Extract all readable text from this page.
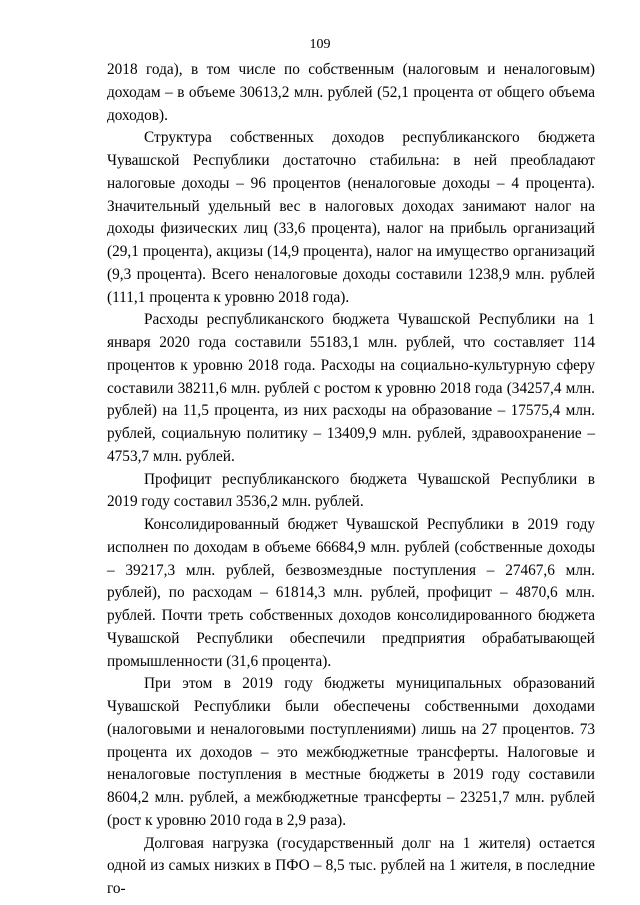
109

2018 года), в том числе по собственным (налоговым и неналоговым) доходам – в объеме 30613,2 млн. рублей (52,1 процента от общего объема доходов).

Структура собственных доходов республиканского бюджета Чувашской Республики достаточно стабильна: в ней преобладают налоговые доходы – 96 процентов (неналоговые доходы – 4 процента). Значительный удельный вес в налоговых доходах занимают налог на доходы физических лиц (33,6 процента), налог на прибыль организаций (29,1 процента), акцизы (14,9 процента), налог на имущество организаций (9,3 процента). Всего неналоговые доходы составили 1238,9 млн. рублей (111,1 процента к уровню 2018 года).

Расходы республиканского бюджета Чувашской Республики на 1 января 2020 года составили 55183,1 млн. рублей, что составляет 114 процентов к уровню 2018 года. Расходы на социально-культурную сферу составили 38211,6 млн. рублей с ростом к уровню 2018 года (34257,4 млн. рублей) на 11,5 процента, из них расходы на образование – 17575,4 млн. рублей, социальную политику – 13409,9 млн. рублей, здравоохранение – 4753,7 млн. рублей.

Профицит республиканского бюджета Чувашской Республики в 2019 году составил 3536,2 млн. рублей.

Консолидированный бюджет Чувашской Республики в 2019 году исполнен по доходам в объеме 66684,9 млн. рублей (собственные доходы – 39217,3 млн. рублей, безвозмездные поступления – 27467,6 млн. рублей), по расходам – 61814,3 млн. рублей, профицит – 4870,6 млн. рублей. Почти треть собственных доходов консолидированного бюджета Чувашской Республики обеспечили предприятия обрабатывающей промышленности (31,6 процента).

При этом в 2019 году бюджеты муниципальных образований Чувашской Республики были обеспечены собственными доходами (налоговыми и неналоговыми поступлениями) лишь на 27 процентов. 73 процента их доходов – это межбюджетные трансферты. Налоговые и неналоговые поступления в местные бюджеты в 2019 году составили 8604,2 млн. рублей, а межбюджетные трансферты – 23251,7 млн. рублей (рост к уровню 2010 года в 2,9 раза).

Долговая нагрузка (государственный долг на 1 жителя) остается одной из самых низких в ПФО – 8,5 тыс. рублей на 1 жителя, в последние го-
